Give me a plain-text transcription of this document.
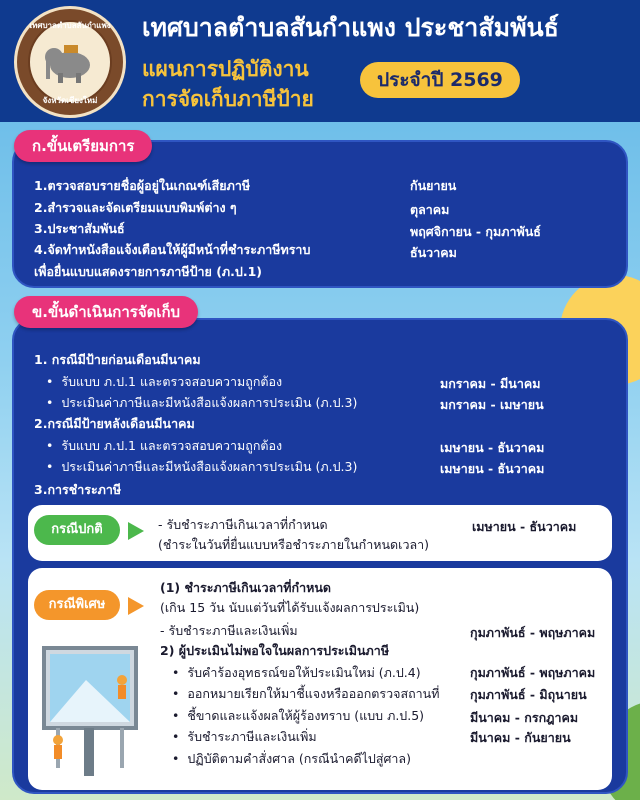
เทศบาลตำบลสันกำแพง
จังหวัดเชียงใหม่
เทศบาลตำบลสันกำแพง ประชาสัมพันธ์
แผนการปฏิบัติงาน
การจัดเก็บภาษีป้าย
ประจำปี 2569
ก.ขั้นเตรียมการ
1.ตรวจสอบรายชื่อผู้อยู่ในเกณฑ์เสียภาษี	กันยายน
2.สำรวจและจัดเตรียมแบบพิมพ์ต่าง ๆ	ตุลาคม
3.ประชาสัมพันธ์	พฤศจิกายน - กุมภาพันธ์
4.จัดทำหนังสือแจ้งเตือนให้ผู้มีหน้าที่ชำระภาษีทราบ	ธันวาคม
เพื่อยื่นแบบแสดงรายการภาษีป้าย (ภ.ป.1)
ข.ขั้นดำเนินการจัดเก็บ
1. กรณีมีป้ายก่อนเดือนมีนาคม
• รับแบบ ภ.ป.1 และตรวจสอบความถูกต้อง	มกราคม - มีนาคม
• ประเมินค่าภาษีและมีหนังสือแจ้งผลการประเมิน (ภ.ป.3)	มกราคม - เมษายน
2.กรณีมีป้ายหลังเดือนมีนาคม
• รับแบบ ภ.ป.1 และตรวจสอบความถูกต้อง	เมษายน - ธันวาคม
• ประเมินค่าภาษีและมีหนังสือแจ้งผลการประเมิน (ภ.ป.3)	เมษายน - ธันวาคม
3.การชำระภาษี
กรณีปกติ	- รับชำระภาษีเกินเวลาที่กำหนด
(ชำระในวันที่ยื่นแบบหรือชำระภายในกำหนดเวลา)
เมษายน - ธันวาคม
กรณีพิเศษ
(1) ชำระภาษีเกินเวลาที่กำหนด
(เกิน 15 วัน นับแต่วันที่ได้รับแจ้งผลการประเมิน)
- รับชำระภาษีและเงินเพิ่ม	กุมภาพันธ์ - พฤษภาคม
2) ผู้ประเมินไม่พอใจในผลการประเมินภาษี
• รับคำร้องอุทธรณ์ขอให้ประเมินใหม่ (ภ.ป.4)	กุมภาพันธ์ - พฤษภาคม
• ออกหมายเรียกให้มาชี้แจงหรือออกตรวจสถานที่ กุมภาพันธ์ - มิถุนายน
• ชี้ขาดและแจ้งผลให้ผู้ร้องทราบ (แบบ ภ.ป.5)	มีนาคม - กรกฎาคม
• รับชำระภาษีและเงินเพิ่ม	มีนาคม - กันยายน
• ปฏิบัติตามคำสั่งศาล (กรณีนำคดีไปสู่ศาล)
